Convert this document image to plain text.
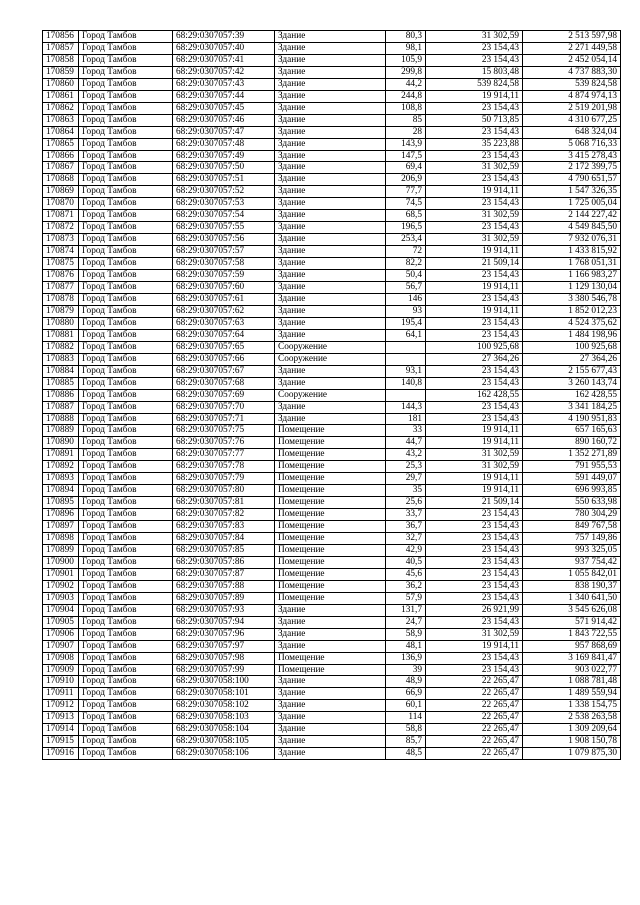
170856	Город Тамбов	68:29:0307057:39	Здание	80,3	31 302,59	2 513 597,98
170857	Город Тамбов	68:29:0307057:40	Здание	98,1	23 154,43	2 271 449,58
170858	Город Тамбов	68:29:0307057:41	Здание	105,9	23 154,43	2 452 054,14
170859	Город Тамбов	68:29:0307057:42	Здание	299,8	15 803,48	4 737 883,30
170860	Город Тамбов	68:29:0307057:43	Здание	44,2	539 824,58	539 824,58
170861	Город Тамбов	68:29:0307057:44	Здание	244,8	19 914,11	4 874 974,13
170862	Город Тамбов	68:29:0307057:45	Здание	108,8	23 154,43	2 519 201,98
170863	Город Тамбов	68:29:0307057:46	Здание	85	50 713,85	4 310 677,25
170864	Город Тамбов	68:29:0307057:47	Здание	28	23 154,43	648 324,04
170865	Город Тамбов	68:29:0307057:48	Здание	143,9	35 223,88	5 068 716,33
170866	Город Тамбов	68:29:0307057:49	Здание	147,5	23 154,43	3 415 278,43
170867	Город Тамбов	68:29:0307057:50	Здание	69,4	31 302,59	2 172 399,75
170868	Город Тамбов	68:29:0307057:51	Здание	206,9	23 154,43	4 790 651,57
170869	Город Тамбов	68:29:0307057:52	Здание	77,7	19 914,11	1 547 326,35
170870	Город Тамбов	68:29:0307057:53	Здание	74,5	23 154,43	1 725 005,04
170871	Город Тамбов	68:29:0307057:54	Здание	68,5	31 302,59	2 144 227,42
170872	Город Тамбов	68:29:0307057:55	Здание	196,5	23 154,43	4 549 845,50
170873	Город Тамбов	68:29:0307057:56	Здание	253,4	31 302,59	7 932 076,31
170874	Город Тамбов	68:29:0307057:57	Здание	72	19 914,11	1 433 815,92
170875	Город Тамбов	68:29:0307057:58	Здание	82,2	21 509,14	1 768 051,31
170876	Город Тамбов	68:29:0307057:59	Здание	50,4	23 154,43	1 166 983,27
170877	Город Тамбов	68:29:0307057:60	Здание	56,7	19 914,11	1 129 130,04
170878	Город Тамбов	68:29:0307057:61	Здание	146	23 154,43	3 380 546,78
170879	Город Тамбов	68:29:0307057:62	Здание	93	19 914,11	1 852 012,23
170880	Город Тамбов	68:29:0307057:63	Здание	195,4	23 154,43	4 524 375,62
170881	Город Тамбов	68:29:0307057:64	Здание	64,1	23 154,43	1 484 198,96
170882	Город Тамбов	68:29:0307057:65	Сооружение		100 925,68	100 925,68
170883	Город Тамбов	68:29:0307057:66	Сооружение		27 364,26	27 364,26
170884	Город Тамбов	68:29:0307057:67	Здание	93,1	23 154,43	2 155 677,43
170885	Город Тамбов	68:29:0307057:68	Здание	140,8	23 154,43	3 260 143,74
170886	Город Тамбов	68:29:0307057:69	Сооружение		162 428,55	162 428,55
170887	Город Тамбов	68:29:0307057:70	Здание	144,3	23 154,43	3 341 184,25
170888	Город Тамбов	68:29:0307057:71	Здание	181	23 154,43	4 190 951,83
170889	Город Тамбов	68:29:0307057:75	Помещение	33	19 914,11	657 165,63
170890	Город Тамбов	68:29:0307057:76	Помещение	44,7	19 914,11	890 160,72
170891	Город Тамбов	68:29:0307057:77	Помещение	43,2	31 302,59	1 352 271,89
170892	Город Тамбов	68:29:0307057:78	Помещение	25,3	31 302,59	791 955,53
170893	Город Тамбов	68:29:0307057:79	Помещение	29,7	19 914,11	591 449,07
170894	Город Тамбов	68:29:0307057:80	Помещение	35	19 914,11	696 993,85
170895	Город Тамбов	68:29:0307057:81	Помещение	25,6	21 509,14	550 633,98
170896	Город Тамбов	68:29:0307057:82	Помещение	33,7	23 154,43	780 304,29
170897	Город Тамбов	68:29:0307057:83	Помещение	36,7	23 154,43	849 767,58
170898	Город Тамбов	68:29:0307057:84	Помещение	32,7	23 154,43	757 149,86
170899	Город Тамбов	68:29:0307057:85	Помещение	42,9	23 154,43	993 325,05
170900	Город Тамбов	68:29:0307057:86	Помещение	40,5	23 154,43	937 754,42
170901	Город Тамбов	68:29:0307057:87	Помещение	45,6	23 154,43	1 055 842,01
170902	Город Тамбов	68:29:0307057:88	Помещение	36,2	23 154,43	838 190,37
170903	Город Тамбов	68:29:0307057:89	Помещение	57,9	23 154,43	1 340 641,50
170904	Город Тамбов	68:29:0307057:93	Здание	131,7	26 921,99	3 545 626,08
170905	Город Тамбов	68:29:0307057:94	Здание	24,7	23 154,43	571 914,42
170906	Город Тамбов	68:29:0307057:96	Здание	58,9	31 302,59	1 843 722,55
170907	Город Тамбов	68:29:0307057:97	Здание	48,1	19 914,11	957 868,69
170908	Город Тамбов	68:29:0307057:98	Помещение	136,9	23 154,43	3 169 841,47
170909	Город Тамбов	68:29:0307057:99	Помещение	39	23 154,43	903 022,77
170910	Город Тамбов	68:29:0307058:100	Здание	48,9	22 265,47	1 088 781,48
170911	Город Тамбов	68:29:0307058:101	Здание	66,9	22 265,47	1 489 559,94
170912	Город Тамбов	68:29:0307058:102	Здание	60,1	22 265,47	1 338 154,75
170913	Город Тамбов	68:29:0307058:103	Здание	114	22 265,47	2 538 263,58
170914	Город Тамбов	68:29:0307058:104	Здание	58,8	22 265,47	1 309 209,64
170915	Город Тамбов	68:29:0307058:105	Здание	85,7	22 265,47	1 908 150,78
170916	Город Тамбов	68:29:0307058:106	Здание	48,5	22 265,47	1 079 875,30
